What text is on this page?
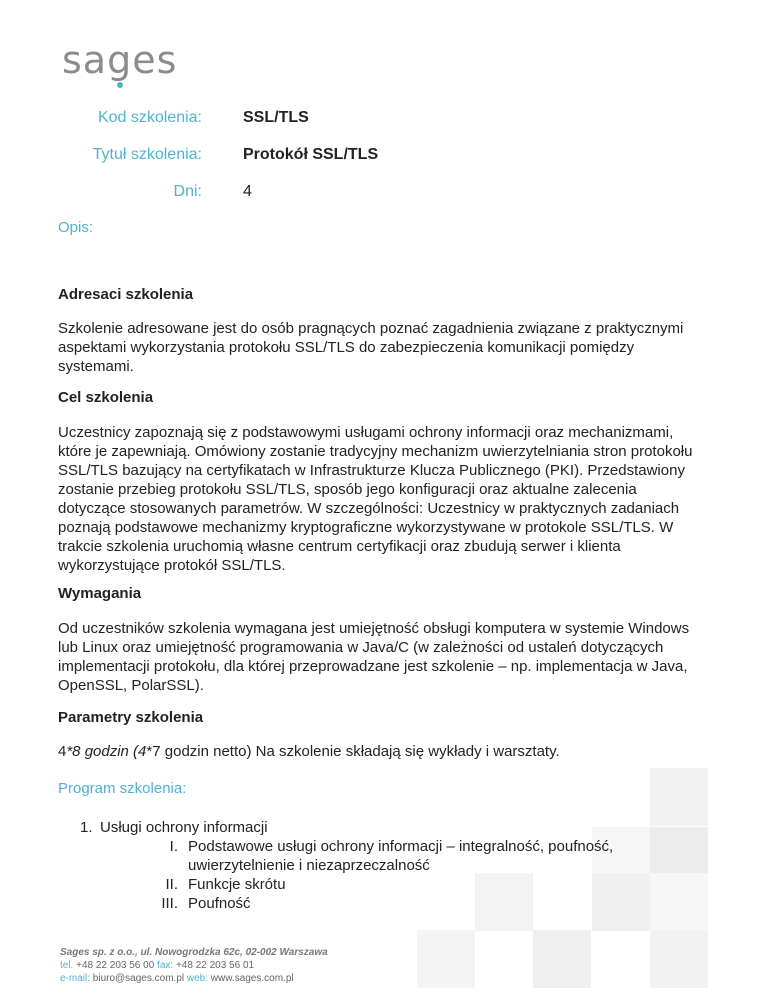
sages
Kod szkolenia:	SSL/TLS
Tytuł szkolenia:	Protokół SSL/TLS
Dni:	4
Opis:
Adresaci szkolenia
Szkolenie adresowane jest do osób pragnących poznać zagadnienia związane z praktycznymi aspektami wykorzystania protokołu SSL/TLS do zabezpieczenia komunikacji pomiędzy systemami.
Cel szkolenia
Uczestnicy zapoznają się z podstawowymi usługami ochrony informacji oraz mechanizmami, które je zapewniają. Omówiony zostanie tradycyjny mechanizm uwierzytelniania stron protokołu SSL/TLS bazujący na certyfikatach w Infrastrukturze Klucza Publicznego (PKI). Przedstawiony zostanie przebieg protokołu SSL/TLS, sposób jego konfiguracji oraz aktualne zalecenia dotyczące stosowanych parametrów. W szczególności: Uczestnicy w praktycznych zadaniach poznają podstawowe mechanizmy kryptograficzne wykorzystywane w protokole SSL/TLS. W trakcie szkolenia uruchomią własne centrum certyfikacji oraz zbudują serwer i klienta wykorzystujące protokół SSL/TLS.
Wymagania
Od uczestników szkolenia wymagana jest umiejętność obsługi komputera w systemie Windows lub Linux oraz umiejętność programowania w Java/C (w zależności od ustaleń dotyczących implementacji protokołu, dla której przeprowadzane jest szkolenie – np. implementacja w Java, OpenSSL, PolarSSL).
Parametry szkolenia
4*8 godzin (4*7 godzin netto) Na szkolenie składają się wykłady i warsztaty.
Program szkolenia:
1. Usługi ochrony informacji
I. Podstawowe usługi ochrony informacji – integralność, poufność,
uwierzytelnienie i niezaprzeczalność
II. Funkcje skrótu
III. Poufność
Sages sp. z o.o., ul. Nowogrodzka 62c, 02-002 Warszawa
tel. +48 22 203 56 00 fax: +48 22 203 56 01
e-mail: biuro@sages.com.pl web: www.sages.com.pl
